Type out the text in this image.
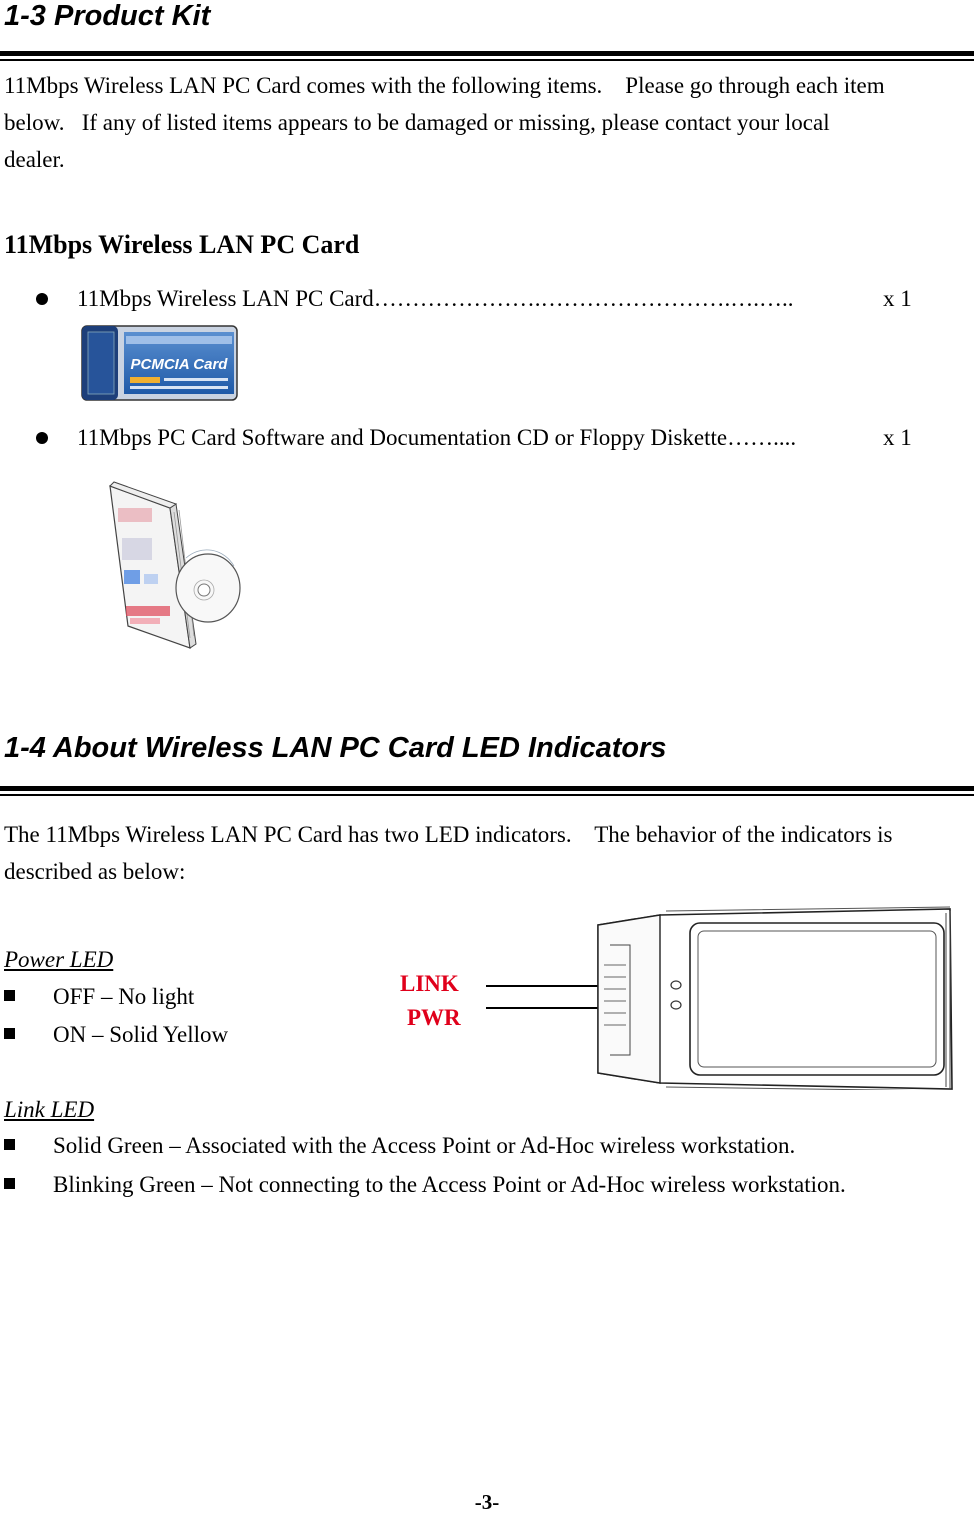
1-3 Product Kit
11Mbps Wireless LAN PC Card comes with the following items.    Please go through each item
below.   If any of listed items appears to be damaged or missing, please contact your local
dealer.
11Mbps Wireless LAN PC Card
11Mbps Wireless LAN PC Card………………….…………………….….…..	x 1
PCMCIA Card
11Mbps PC Card Software and Documentation CD or Floppy Diskette……....	x 1
1-4 About Wireless LAN PC Card LED Indicators
The 11Mbps Wireless LAN PC Card has two LED indicators.    The behavior of the indicators is
described as below:
Power LED
OFF – No light
ON – Solid Yellow
LINK
PWR
Link LED
Solid Green – Associated with the Access Point or Ad-Hoc wireless workstation.
Blinking Green – Not connecting to the Access Point or Ad-Hoc wireless workstation.
-3-
